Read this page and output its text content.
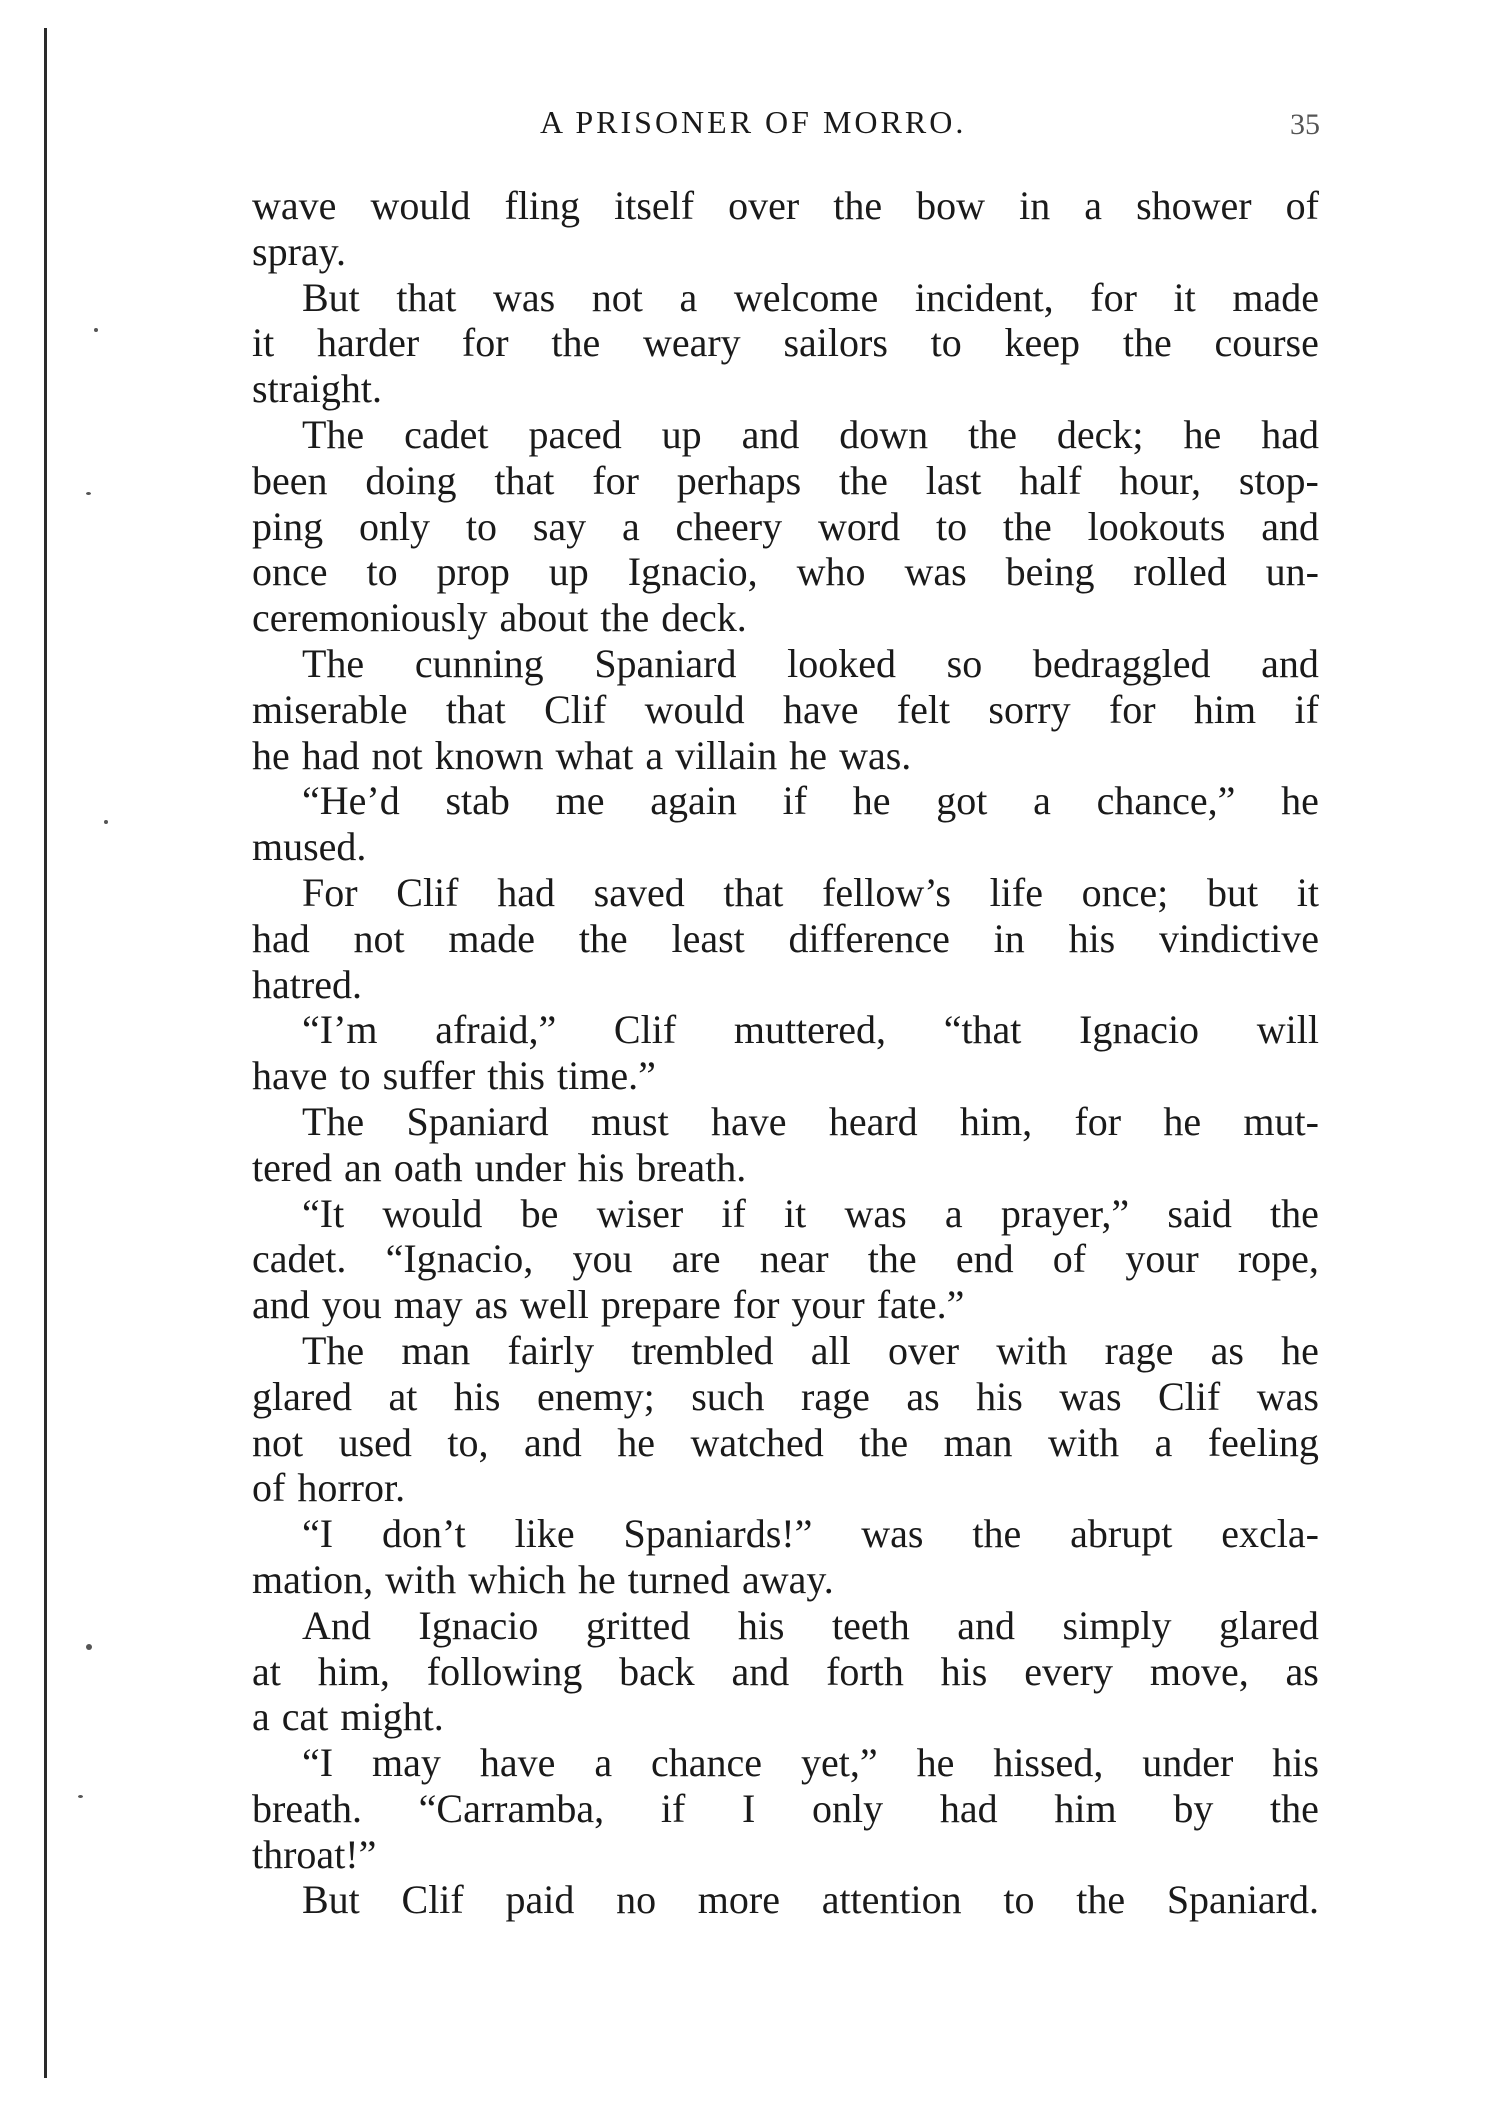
A PRISONER OF MORRO.	35
wave would fling itself over the bow in a shower of
spray.
But that was not a welcome incident, for it made
it harder for the weary sailors to keep the course
straight.
The cadet paced up and down the deck; he had
been doing that for perhaps the last half hour, stop-
ping only to say a cheery word to the lookouts and
once to prop up Ignacio, who was being rolled un-
ceremoniously about the deck.
The cunning Spaniard looked so bedraggled and
miserable that Clif would have felt sorry for him if
he had not known what a villain he was.
“He’d stab me again if he got a chance,” he
mused.
For Clif had saved that fellow’s life once; but it
had not made the least difference in his vindictive
hatred.
“I’m afraid,” Clif muttered, “that Ignacio will
have to suffer this time.”
The Spaniard must have heard him, for he mut-
tered an oath under his breath.
“It would be wiser if it was a prayer,” said the
cadet. “Ignacio, you are near the end of your rope,
and you may as well prepare for your fate.”
The man fairly trembled all over with rage as he
glared at his enemy; such rage as his was Clif was
not used to, and he watched the man with a feeling
of horror.
“I don’t like Spaniards!” was the abrupt excla-
mation, with which he turned away.
And Ignacio gritted his teeth and simply glared
at him, following back and forth his every move, as
a cat might.
“I may have a chance yet,” he hissed, under his
breath. “Carramba, if I only had him by the
throat!”
But Clif paid no more attention to the Spaniard.
